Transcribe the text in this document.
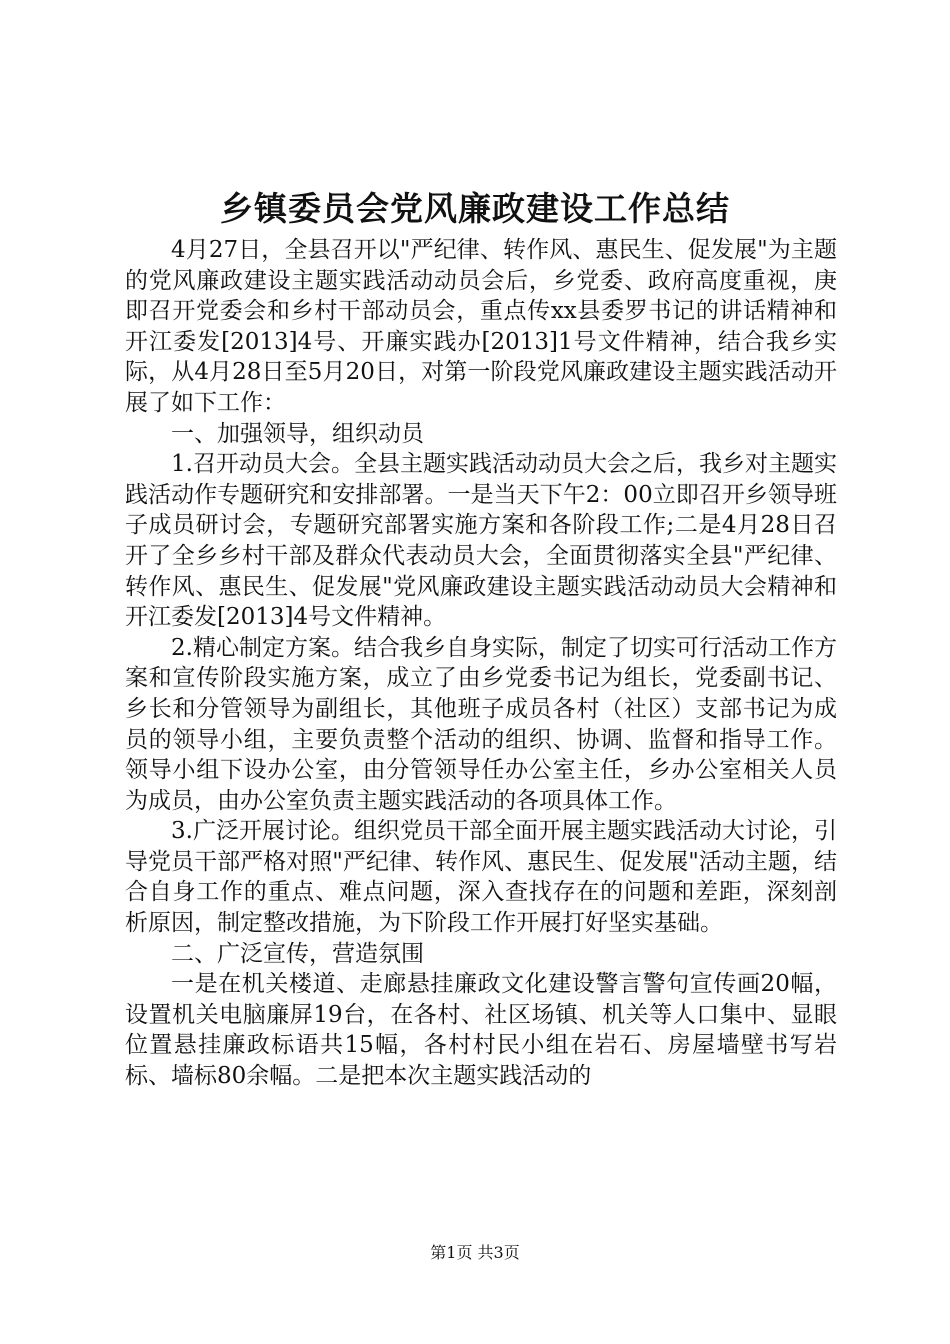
乡镇委员会党风廉政建设工作总结

4月27日，全县召开以"严纪律、转作风、惠民生、促发展"为主题的党风廉政建设主题实践活动动员会后，乡党委、政府高度重视，庚即召开党委会和乡村干部动员会，重点传xx县委罗书记的讲话精神和开江委发[2013]4号、开廉实践办[2013]1号文件精神，结合我乡实际，从4月28日至5月20日，对第一阶段党风廉政建设主题实践活动开展了如下工作：

一、加强领导，组织动员

1.召开动员大会。全县主题实践活动动员大会之后，我乡对主题实践活动作专题研究和安排部署。一是当天下午2：00立即召开乡领导班子成员研讨会，专题研究部署实施方案和各阶段工作;二是4月28日召开了全乡乡村干部及群众代表动员大会，全面贯彻落实全县"严纪律、转作风、惠民生、促发展"党风廉政建设主题实践活动动员大会精神和开江委发[2013]4号文件精神。

2.精心制定方案。结合我乡自身实际，制定了切实可行活动工作方案和宣传阶段实施方案，成立了由乡党委书记为组长，党委副书记、乡长和分管领导为副组长，其他班子成员各村（社区）支部书记为成员的领导小组，主要负责整个活动的组织、协调、监督和指导工作。领导小组下设办公室，由分管领导任办公室主任，乡办公室相关人员为成员，由办公室负责主题实践活动的各项具体工作。

3.广泛开展讨论。组织党员干部全面开展主题实践活动大讨论，引导党员干部严格对照"严纪律、转作风、惠民生、促发展"活动主题，结合自身工作的重点、难点问题，深入查找存在的问题和差距，深刻剖析原因，制定整改措施，为下阶段工作开展打好坚实基础。

二、广泛宣传，营造氛围

一是在机关楼道、走廊悬挂廉政文化建设警言警句宣传画20幅，设置机关电脑廉屏19台，在各村、社区场镇、机关等人口集中、显眼位置悬挂廉政标语共15幅，各村村民小组在岩石、房屋墙壁书写岩标、墙标80余幅。二是把本次主题实践活动的

第1页 共3页
